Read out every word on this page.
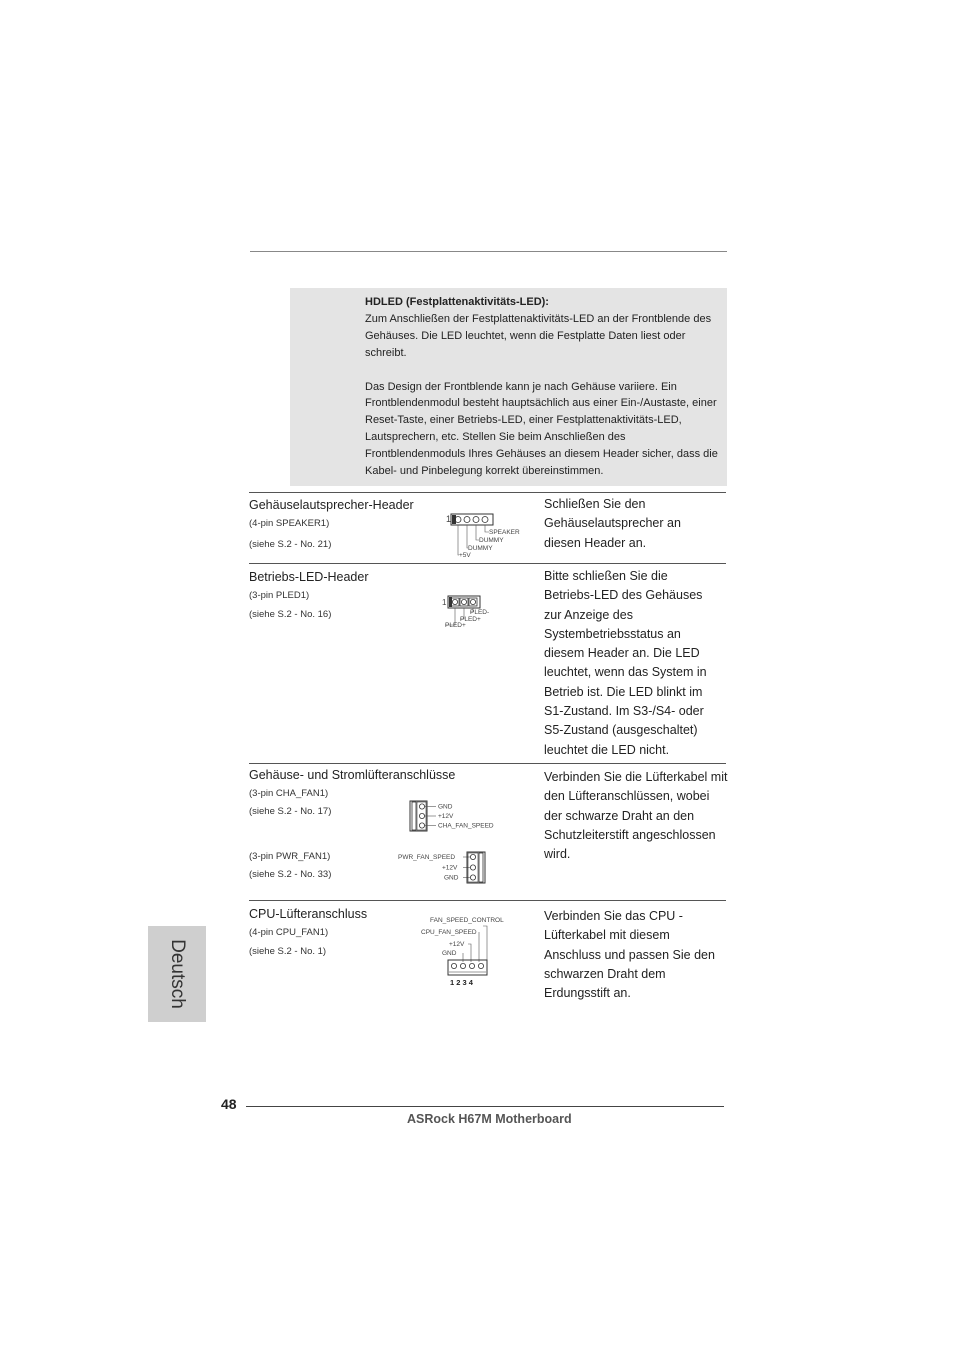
HDLED (Festplattenaktivitäts-LED):
Zum Anschließen der Festplattenaktivitäts-LED an der Frontblende des
Gehäuses. Die LED leuchtet, wenn die Festplatte Daten liest oder
schreibt.
Das Design der Frontblende kann je nach Gehäuse variiere. Ein
Frontblendenmodul besteht hauptsächlich aus einer Ein-/Austaste, einer
Reset-Taste, einer Betriebs-LED, einer Festplattenaktivitäts-LED,
Lautsprechern, etc. Stellen Sie beim Anschließen des
Frontblendenmoduls Ihres Gehäuses an diesem Header sicher, dass die
Kabel- und Pinbelegung korrekt übereinstimmen.
Gehäuselautsprecher-Header
(4-pin SPEAKER1)
(siehe S.2 - No. 21)
1
SPEAKER
DUMMY
DUMMY
+5V
Schließen Sie den
Gehäuselautsprecher an
diesen Header an.
Betriebs-LED-Header
(3-pin PLED1)
(siehe S.2 - No. 16)
1
PLED-
PLED+
PLED+
Bitte schließen Sie die
Betriebs-LED des Gehäuses
zur Anzeige des
Systembetriebsstatus an
diesem Header an. Die LED
leuchtet, wenn das System in
Betrieb ist. Die LED blinkt im
S1-Zustand. Im S3-/S4- oder
S5-Zustand (ausgeschaltet)
leuchtet die LED nicht.
Gehäuse- und Stromlüfteranschlüsse
(3-pin CHA_FAN1)
(siehe S.2 - No. 17)
(3-pin PWR_FAN1)
(siehe S.2 - No. 33)
GND
+12V
CHA_FAN_SPEED
PWR_FAN_SPEED
+12V
GND
Verbinden Sie die Lüfterkabel mit
den Lüfteranschlüssen, wobei
der schwarze Draht an den
Schutzleiterstift angeschlossen
wird.
CPU-Lüfteranschluss
(4-pin CPU_FAN1)
(siehe S.2 - No. 1)
FAN_SPEED_CONTROL
CPU_FAN_SPEED
+12V
GND
1 2 3 4
Verbinden Sie das CPU -
Lüfterkabel mit diesem
Anschluss und passen Sie den
schwarzen Draht dem
Erdungsstift an.
Deutsch
48
ASRock H67M Motherboard
